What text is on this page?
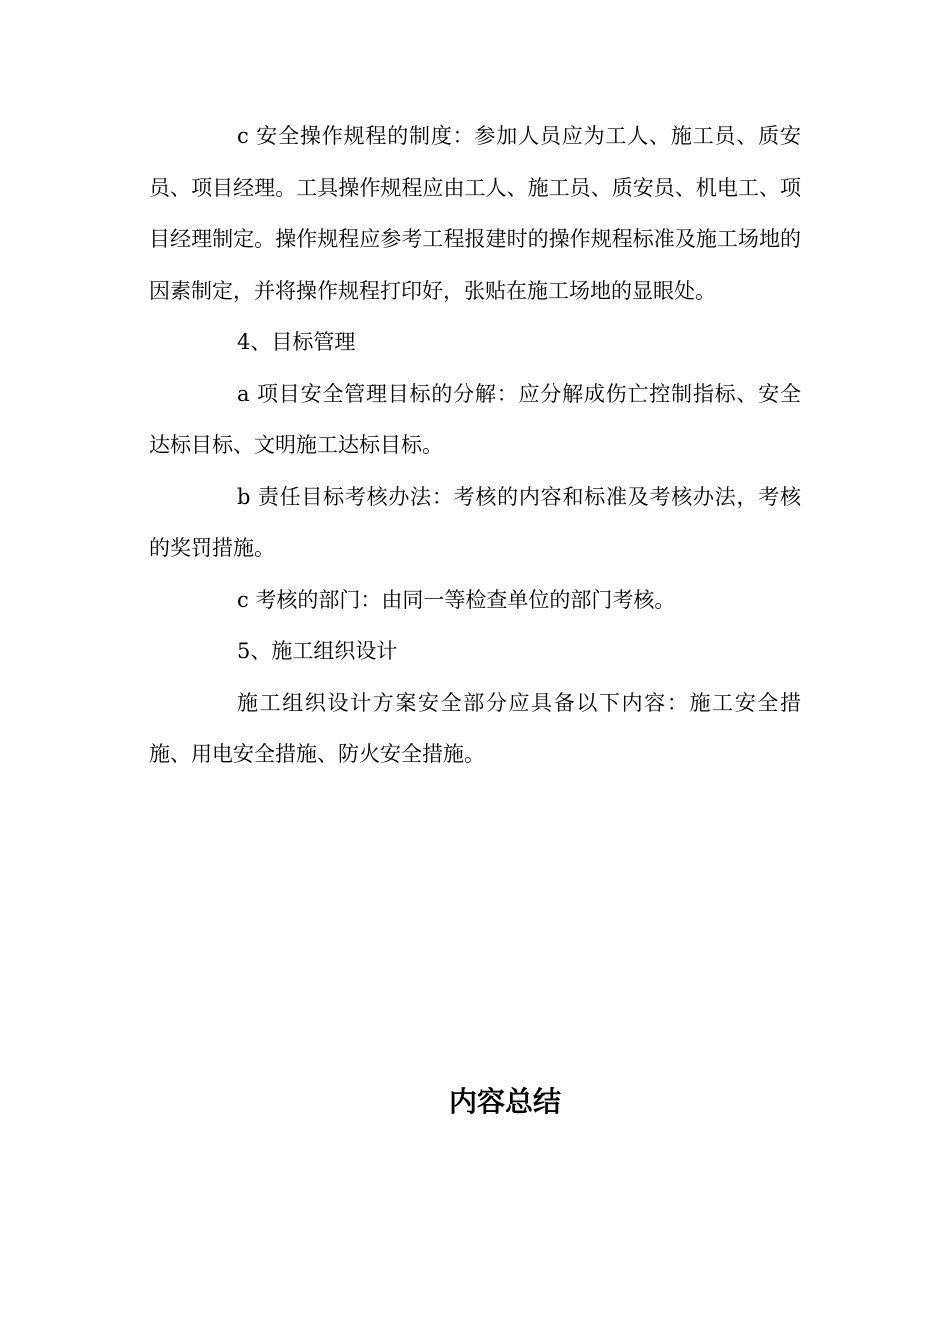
c 安全操作规程的制度：参加人员应为工人、施工员、质安员、项目经理。工具操作规程应由工人、施工员、质安员、机电工、项目经理制定。操作规程应参考工程报建时的操作规程标准及施工场地的因素制定，并将操作规程打印好，张贴在施工场地的显眼处。

4、目标管理

a 项目安全管理目标的分解：应分解成伤亡控制指标、安全达标目标、文明施工达标目标。

b 责任目标考核办法：考核的内容和标准及考核办法，考核的奖罚措施。

c 考核的部门：由同一等检查单位的部门考核。

5、施工组织设计

施工组织设计方案安全部分应具备以下内容：施工安全措施、用电安全措施、防火安全措施。

内容总结
